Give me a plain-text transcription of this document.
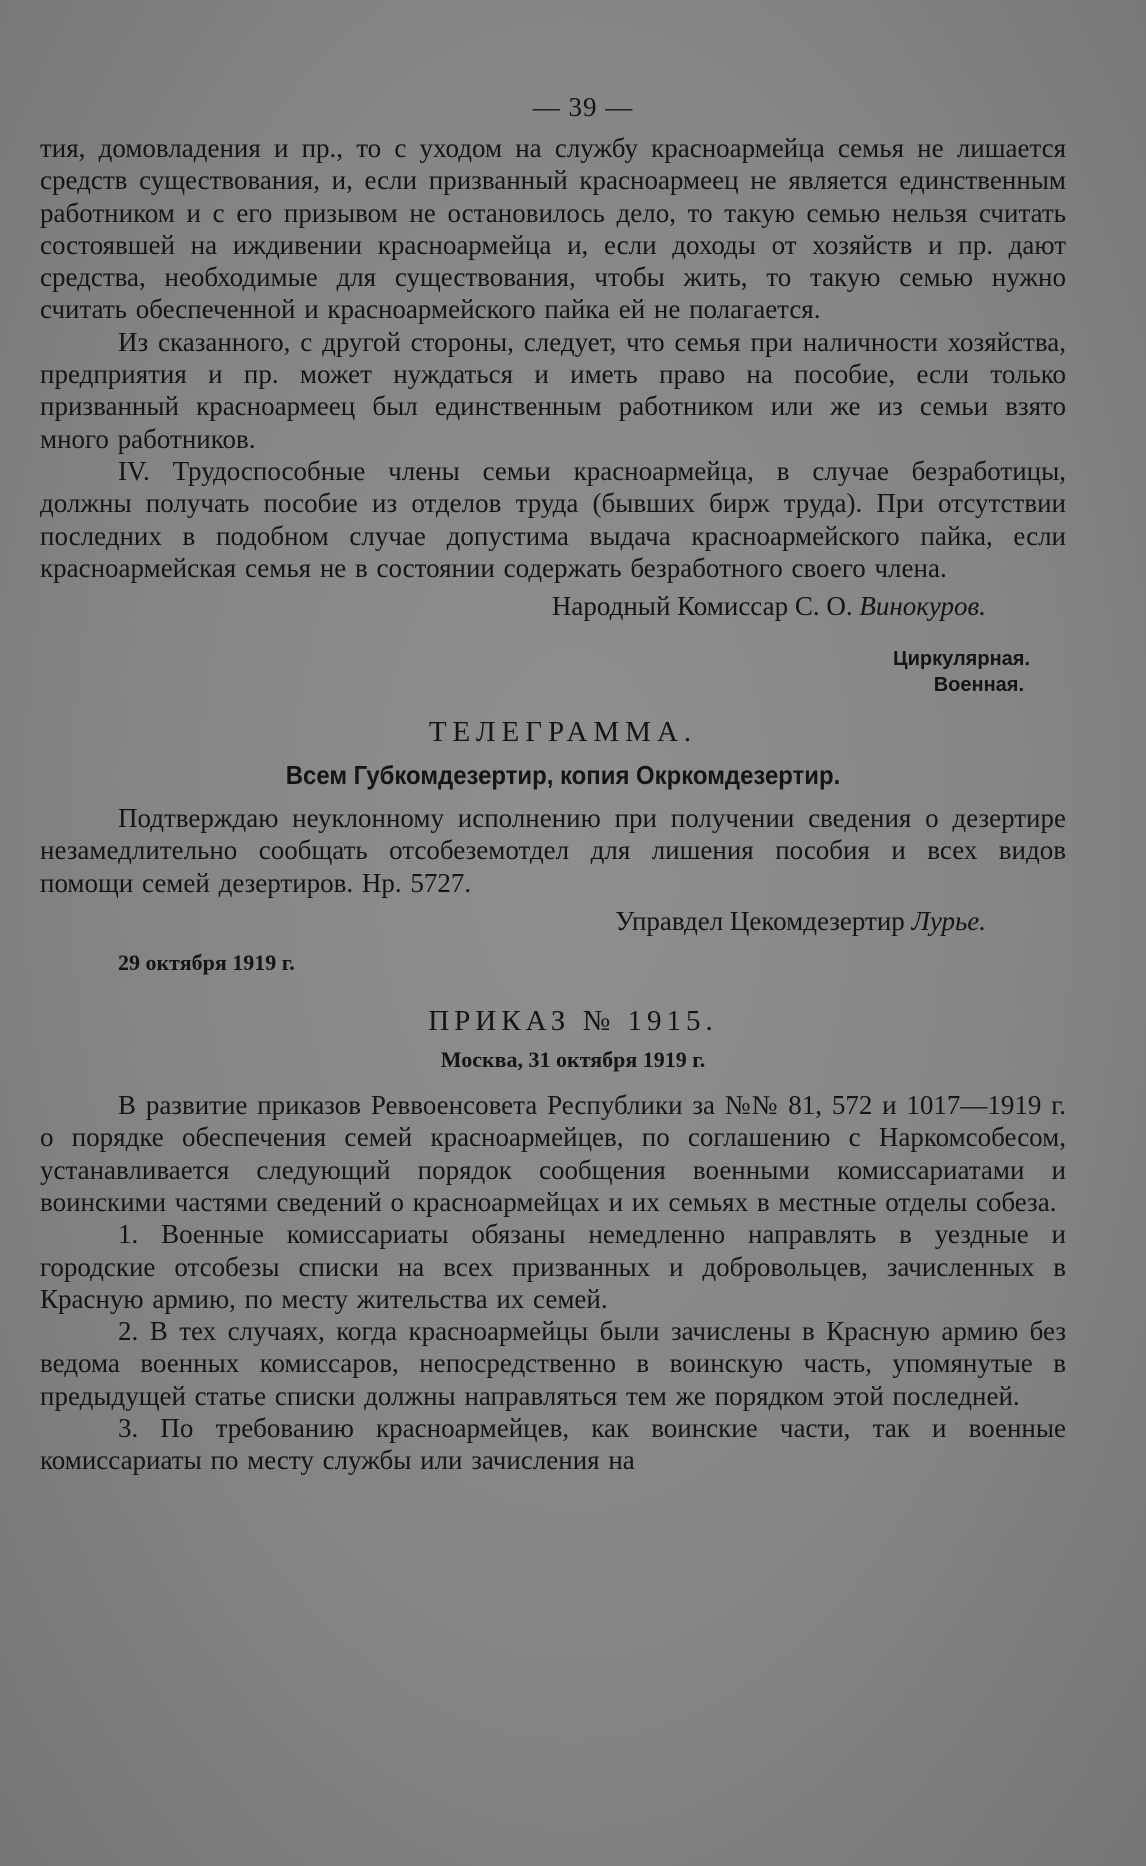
— 39 —

тия, домовладения и пр., то с уходом на службу красноармейца семья не лишается средств существования, и, если призванный красноармеец не является единственным работником и с его призывом не остановилось дело, то такую семью нельзя считать состоявшей на иждивении красноармейца и, если доходы от хозяйств и пр. дают средства, необходимые для существования, чтобы жить, то такую семью нужно считать обеспеченной и красноармейского пайка ей не полагается.

Из сказанного, с другой стороны, следует, что семья при наличности хозяйства, предприятия и пр. может нуждаться и иметь право на пособие, если только призванный красноармеец был единственным работником или же из семьи взято много работников.

IV. Трудоспособные члены семьи красноармейца, в случае безработицы, должны получать пособие из отделов труда (бывших бирж труда). При отсутствии последних в подобном случае допустима выдача красноармейского пайка, если красноармейская семья не в состоянии содержать безработного своего члена.

Народный Комиссар С. О. Винокуров.
Циркулярная.
Военная.
ТЕЛЕГРАММА.
Всем Губкомдезертир, копия Окркомдезертир.

Подтверждаю неуклонному исполнению при получении сведения о дезертире незамедлительно сообщать отсобеземотдел для лишения пособия и всех видов помощи семей дезертиров. Нр. 5727.

Управдел Цекомдезертир Лурье.
29 октября 1919 г.
ПРИКАЗ № 1915.
Москва, 31 октября 1919 г.

В развитие приказов Реввоенсовета Республики за №№ 81, 572 и 1017—1919 г. о порядке обеспечения семей красноармейцев, по соглашению с Наркомсобесом, устанавливается следующий порядок сообщения военными комиссариатами и воинскими частями сведений о красноармейцах и их семьях в местные отделы собеза.

1. Военные комиссариаты обязаны немедленно направлять в уездные и городские отсобезы списки на всех призванных и добровольцев, зачисленных в Красную армию, по месту жительства их семей.

2. В тех случаях, когда красноармейцы были зачислены в Красную армию без ведома военных комиссаров, непосредственно в воинскую часть, упомянутые в предыдущей статье списки должны направляться тем же порядком этой последней.

3. По требованию красноармейцев, как воинские части, так и военные комиссариаты по месту службы или зачисления на
